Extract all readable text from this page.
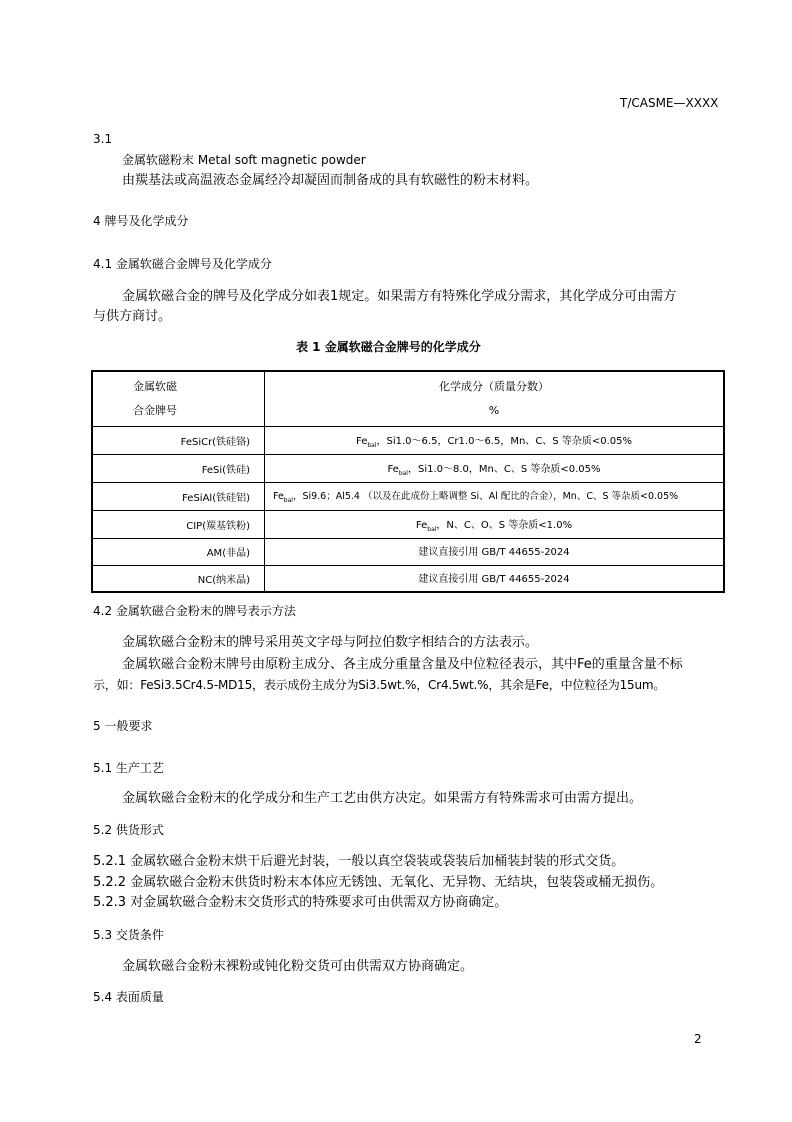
T/CASME—XXXX
3.1
金属软磁粉末 Metal soft magnetic powder
由羰基法或高温液态金属经冷却凝固而制备成的具有软磁性的粉末材料。
4 牌号及化学成分
4.1 金属软磁合金牌号及化学成分
金属软磁合金的牌号及化学成分如表1规定。如果需方有特殊化学成分需求，其化学成分可由需方
与供方商讨。
表 1 金属软磁合金牌号的化学成分
金属软磁
合金牌号	化学成分（质量分数）
%

FeSiCr(铁硅铬)	$Fe_{bal}$，Si1.0～6.5，Cr1.0～6.5，Mn、C、S 等杂质<0.05%
FeSi(铁硅)	$Fe_{bal}$，Si1.0～8.0，Mn、C、S 等杂质<0.05%
FeSiAl(铁硅铝)	$Fe_{bal}$，Si9.6；Al5.4 （以及在此成份上略调整 Si、Al 配比的合金），Mn、C、S 等杂质<0.05%
CIP(羰基铁粉)	$Fe_{bal}$，N、C、O、S 等杂质<1.0%
AM(非晶)	建议直接引用 GB/T 44655-2024
NC(纳米晶)	建议直接引用 GB/T 44655-2024
4.2 金属软磁合金粉末的牌号表示方法
金属软磁合金粉末的牌号采用英文字母与阿拉伯数字相结合的方法表示。
金属软磁合金粉末牌号由原粉主成分、各主成分重量含量及中位粒径表示，其中Fe的重量含量不标
示，如：FeSi3.5Cr4.5-MD15，表示成份主成分为Si3.5wt.%，Cr4.5wt.%，其余是Fe，中位粒径为15um。
5 一般要求
5.1 生产工艺
金属软磁合金粉末的化学成分和生产工艺由供方决定。如果需方有特殊需求可由需方提出。
5.2 供货形式
5.2.1 金属软磁合金粉末烘干后避光封装，一般以真空袋装或袋装后加桶装封装的形式交货。
5.2.2 金属软磁合金粉末供货时粉末本体应无锈蚀、无氧化、无异物、无结块，包装袋或桶无损伤。
5.2.3 对金属软磁合金粉末交货形式的特殊要求可由供需双方协商确定。
5.3 交货条件
金属软磁合金粉末裸粉或钝化粉交货可由供需双方协商确定。
5.4 表面质量
2
